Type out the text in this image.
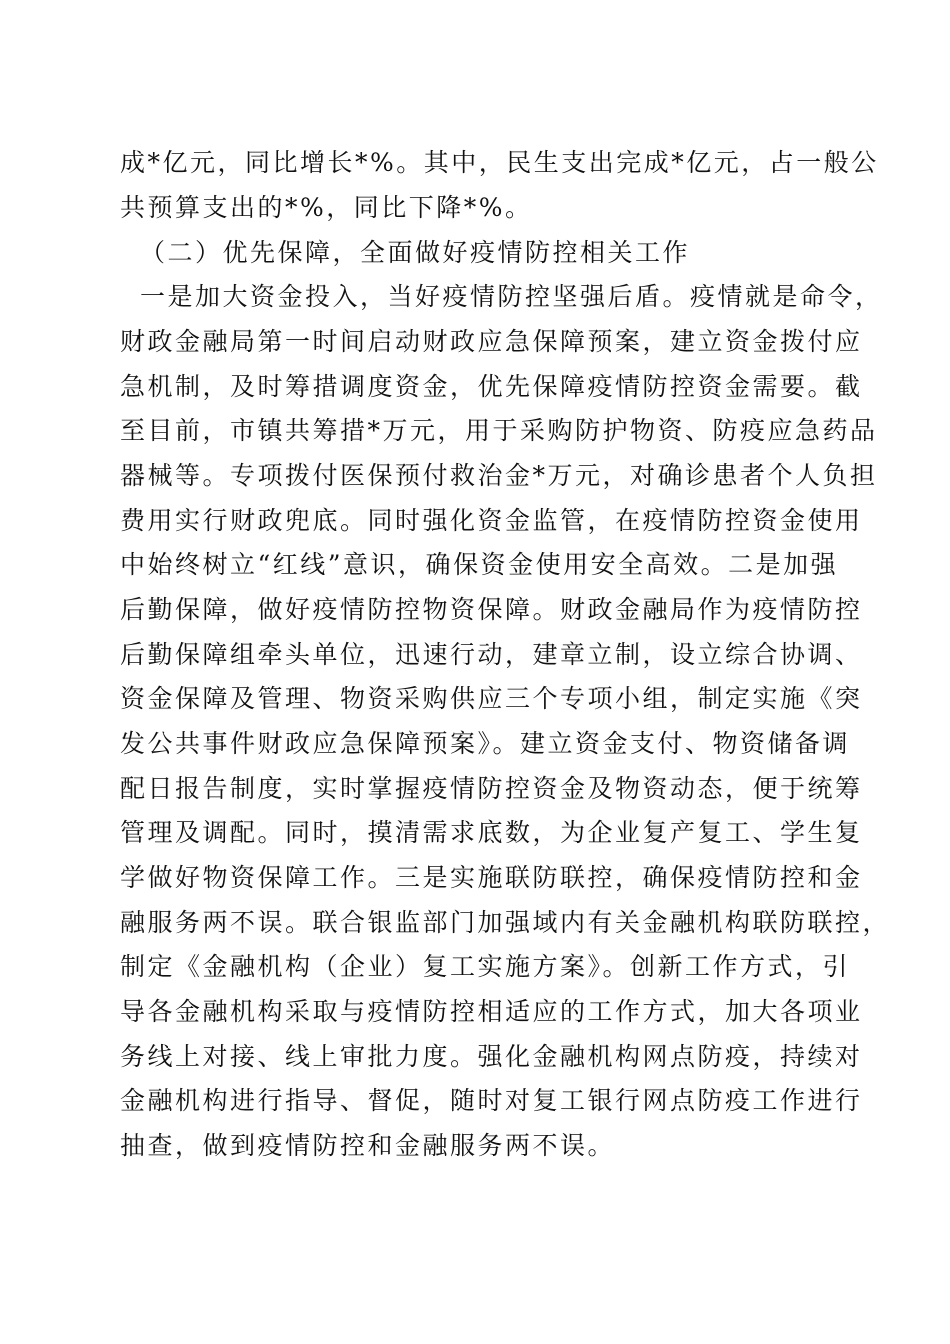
成*亿元，同比增长*%。其中，民生支出完成*亿元，占一般公
共预算支出的*%，同比下降*%。
（二）优先保障，全面做好疫情防控相关工作
一是加大资金投入，当好疫情防控坚强后盾。疫情就是命令，
财政金融局第一时间启动财政应急保障预案，建立资金拨付应
急机制，及时筹措调度资金，优先保障疫情防控资金需要。截
至目前，市镇共筹措*万元，用于采购防护物资、防疫应急药品
器械等。专项拨付医保预付救治金*万元，对确诊患者个人负担
费用实行财政兜底。同时强化资金监管，在疫情防控资金使用
中始终树立“红线”意识，确保资金使用安全高效。二是加强
后勤保障，做好疫情防控物资保障。财政金融局作为疫情防控
后勤保障组牵头单位，迅速行动，建章立制，设立综合协调、
资金保障及管理、物资采购供应三个专项小组，制定实施《突
发公共事件财政应急保障预案》。建立资金支付、物资储备调
配日报告制度，实时掌握疫情防控资金及物资动态，便于统筹
管理及调配。同时，摸清需求底数，为企业复产复工、学生复
学做好物资保障工作。三是实施联防联控，确保疫情防控和金
融服务两不误。联合银监部门加强域内有关金融机构联防联控，
制定《金融机构（企业）复工实施方案》。创新工作方式，引
导各金融机构采取与疫情防控相适应的工作方式，加大各项业
务线上对接、线上审批力度。强化金融机构网点防疫，持续对
金融机构进行指导、督促，随时对复工银行网点防疫工作进行
抽查，做到疫情防控和金融服务两不误。
